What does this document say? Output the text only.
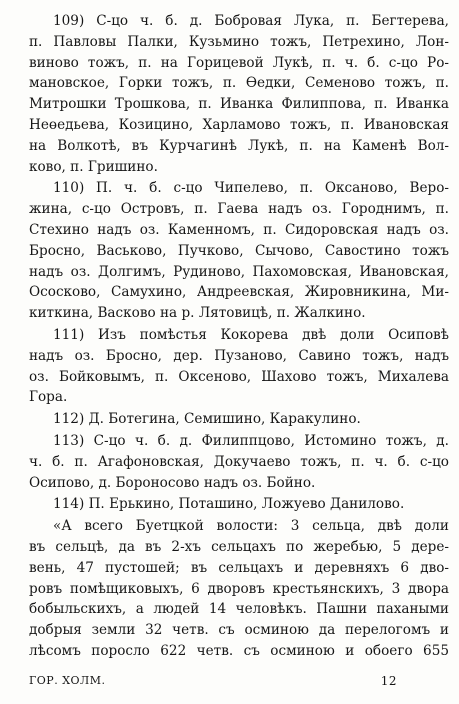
109) С-цо ч. б. д. Бобровая Лука, п. Бегтерева,
п. Павловы Палки, Кузьмино тожъ, Петрехино, Лон-
виново тожъ, п. на Горицевой Лукѣ, п. ч. б. с-цо Ро-
мановское, Горки тожъ, п. Өедки, Семеново тожъ, п.
Митрошки Трошкова, п. Иванка Филиппова, п. Иванка
Неөедьева, Козицино, Харламово тожъ, п. Ивановская
на Волкотѣ, въ Курчагинѣ Лукѣ, п. на Каменѣ Вол-
ково, п. Гришино.
110) П. ч. б. с-цо Чипелево, п. Оксаново, Веро-
жина, с-цо Островъ, п. Гаева надъ оз. Городнимъ, п.
Стехино надъ оз. Каменномъ, п. Сидоровская надъ оз.
Бросно, Васьково, Пучково, Сычово, Савостино тожъ
надъ оз. Долгимъ, Рудиново, Пахомовская, Ивановская,
Ососково, Самухино, Андреевская, Жировникина, Ми-
киткина, Васково на р. Лятовицѣ, п. Жалкино.
111) Изъ помѣстья Кокорева двѣ доли Осиповѣ
надъ оз. Бросно, дер. Пузаново, Савино тожъ, надъ
оз. Бойковымъ, п. Оксеново, Шахово тожъ, Михалева
Гора.
112) Д. Ботегина, Семишино, Каракулино.
113) С-цо ч. б. д. Филиппцово, Истомино тожъ, д.
ч. б. п. Агафоновская, Докучаево тожъ, п. ч. б. с-цо
Осипово, д. Бороносово надъ оз. Бойно.
114) П. Ерькино, Поташино, Ложуево Данилово.
«А всего Буетцкой волости: 3 сельца, двѣ доли
въ сельцѣ, да въ 2-хъ сельцахъ по жеребью, 5 дере-
вень, 47 пустошей; въ сельцахъ и деревняхъ 6 дво-
ровъ помѣщиковыхъ, 6 дворовъ крестьянскихъ, 3 двора
бобыльскихъ, а людей 14 человѣкъ. Пашни пахаными
добрыя земли 32 четв. съ осминою да перелогомъ и
лѣсомъ поросло 622 четв. съ осминою и обоего 655
ГОР. ХОЛМ.	12
